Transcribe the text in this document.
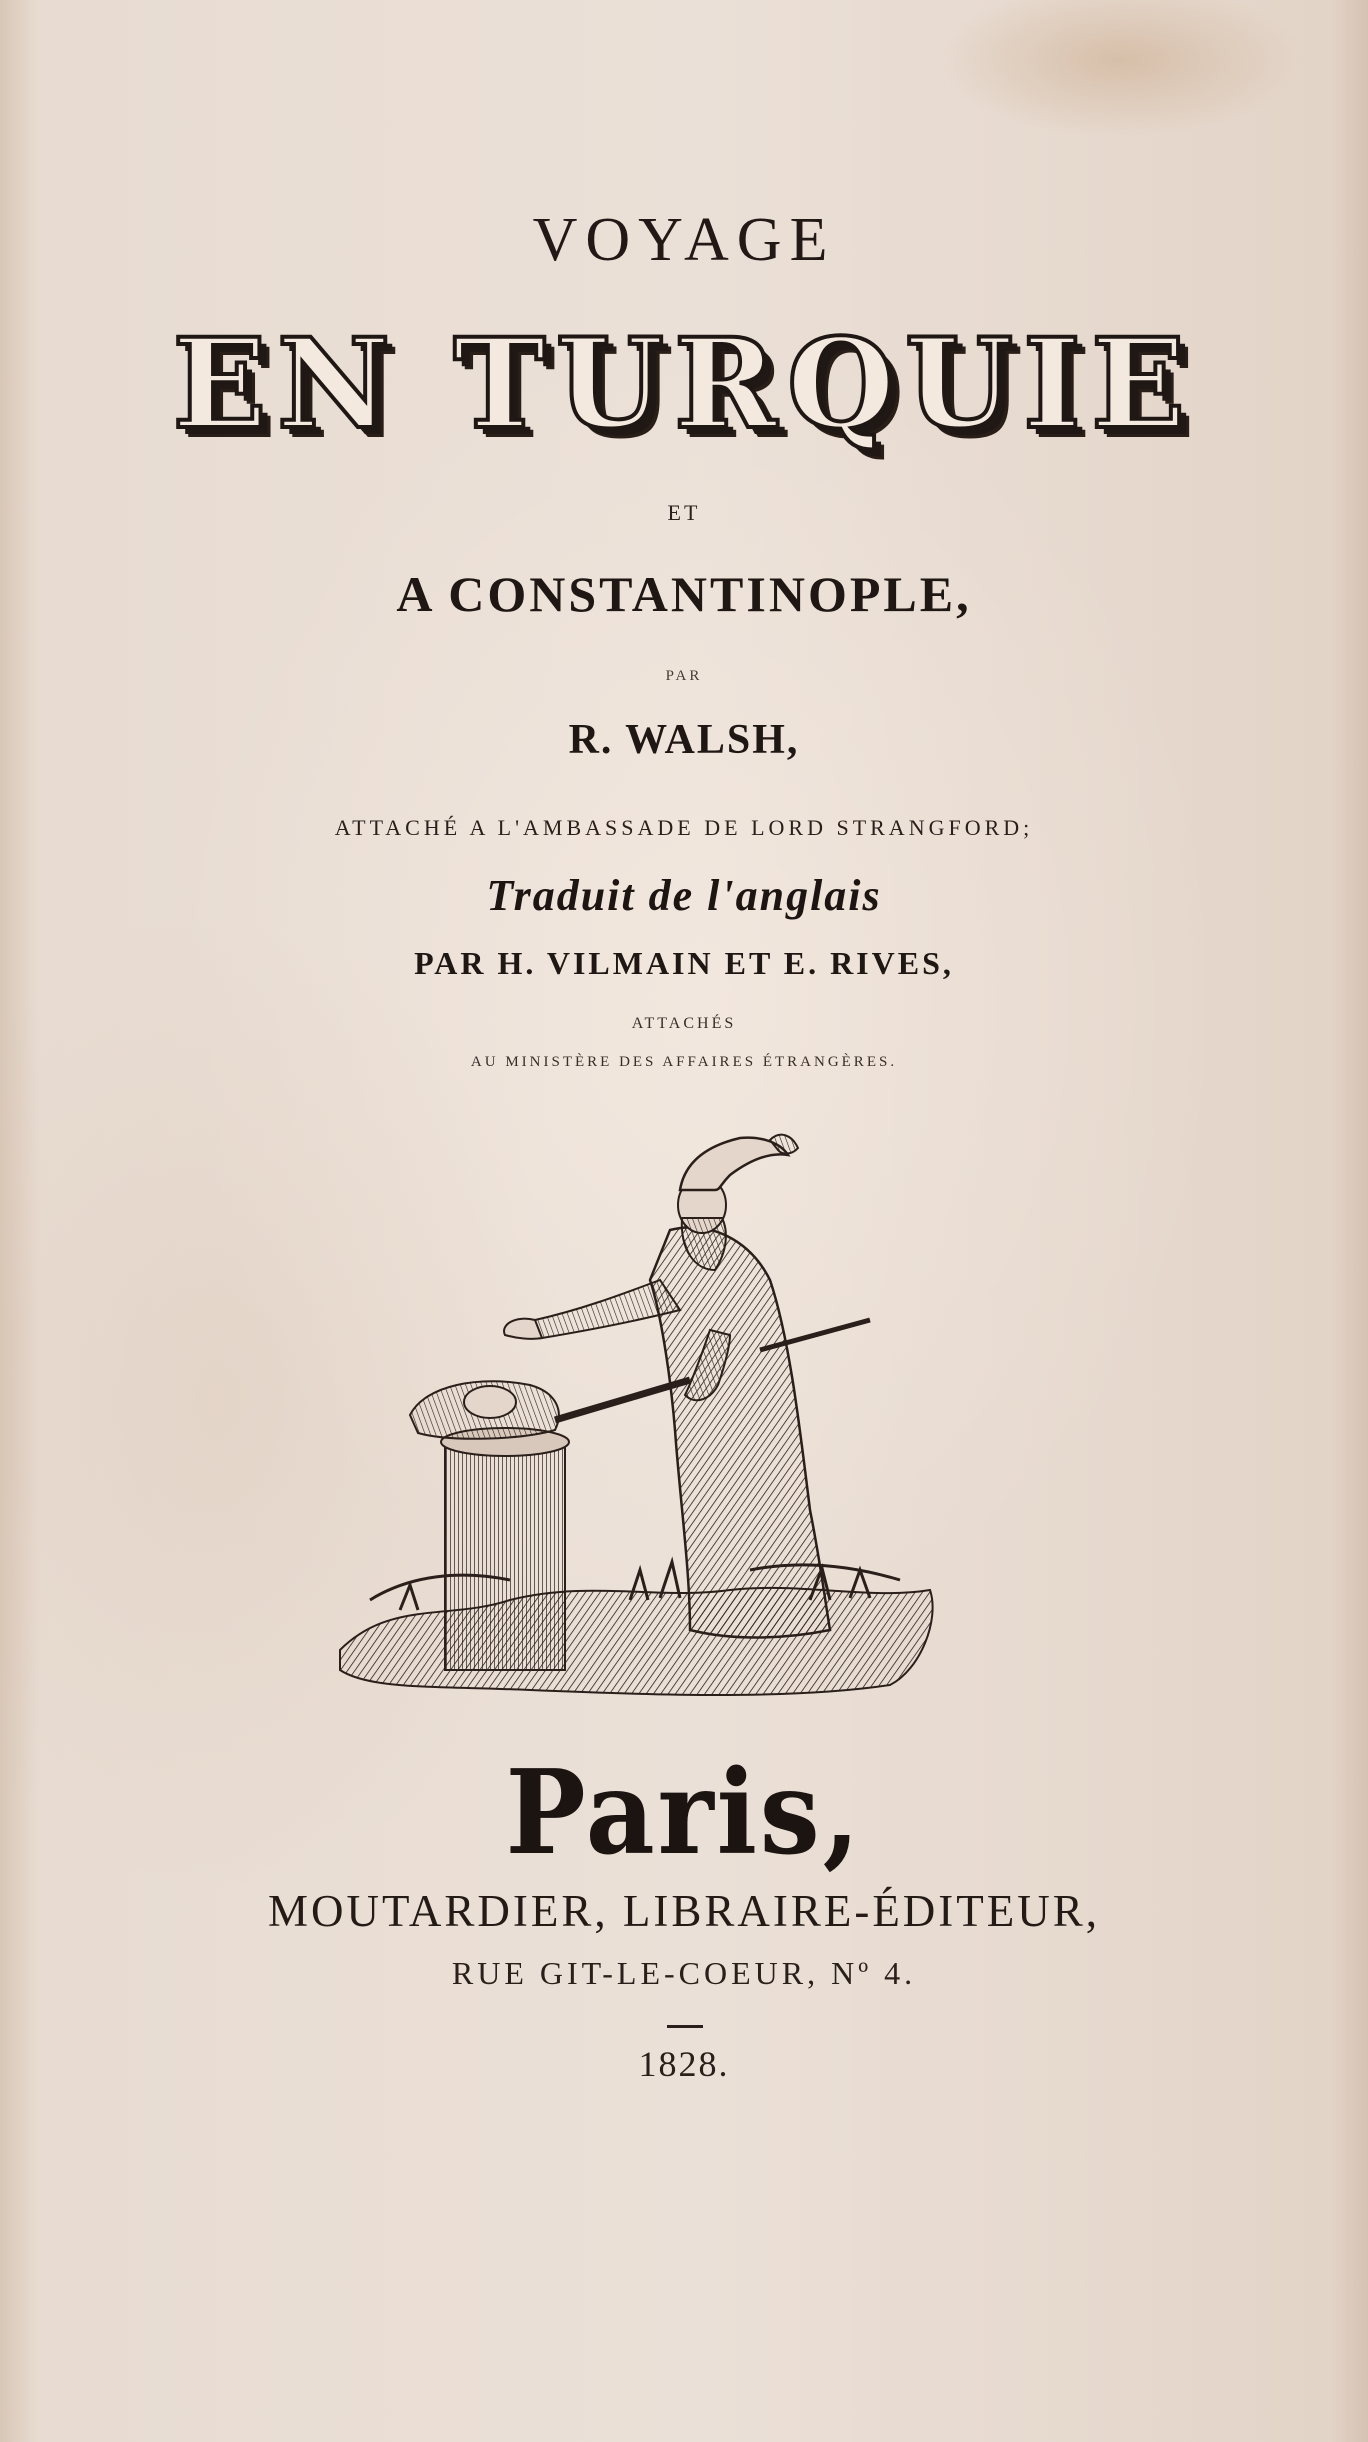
VOYAGE
EN TURQUIE
ET
A CONSTANTINOPLE,
PAR
R. WALSH,
ATTACHÉ A L'AMBASSADE DE LORD STRANGFORD;
Traduit de l'anglais
PAR H. VILMAIN ET E. RIVES,
ATTACHÉS
AU MINISTÈRE DES AFFAIRES ÉTRANGÈRES.
Paris,
MOUTARDIER, LIBRAIRE-ÉDITEUR,
RUE GIT-LE-COEUR, Nº 4.
1828.
